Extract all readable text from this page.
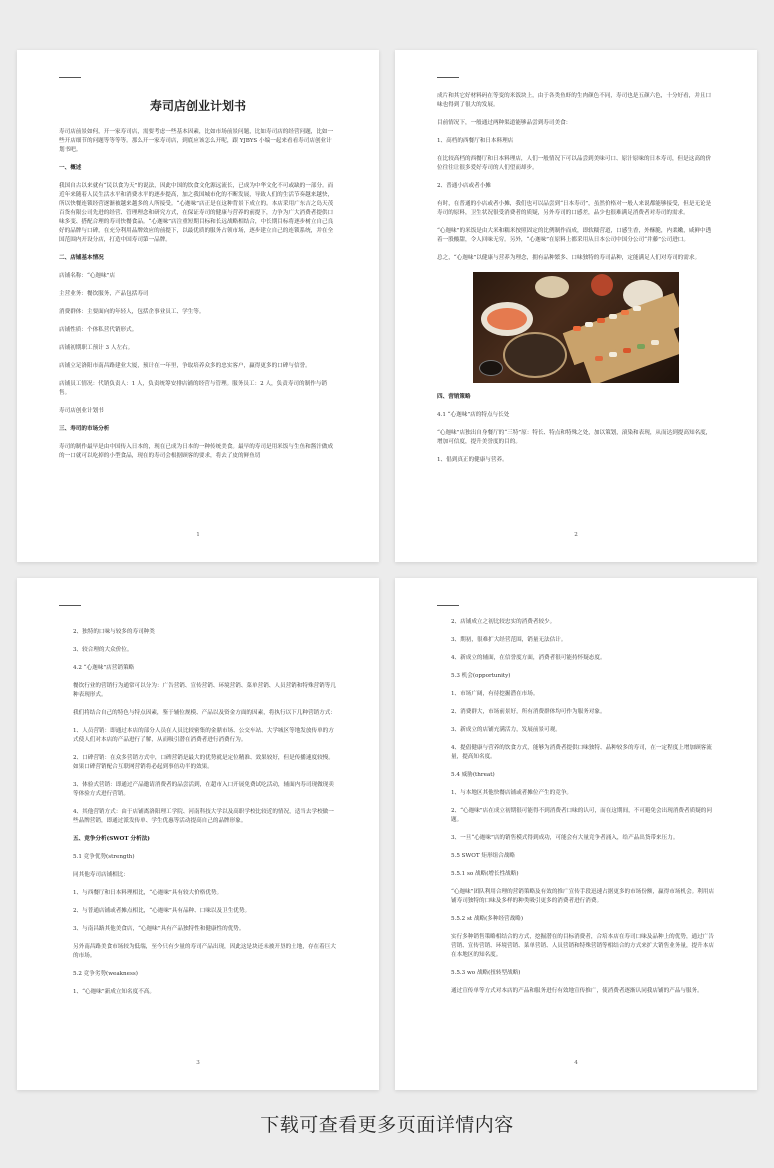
寿司店创业计划书

寿司店前景如何，开一家寿司店，需要考虑一些基本因素，比如市场前景问题，比如寿司店的经营问题，比如一些开店细节的问题等等等等。那么开一家寿司店，到底应该怎么开呢，跟 YJBYS 小编一起来看看寿司店创业计划书吧。

一、概述

我国自古以来就有“民以食为天”的说法，因此中国的饮食文化源远流长，已成为中华文化不可或缺的一部分。而近年来随着人民生活水平和消费水平的逐步提高，加之我国城市化的不断发展，导致人们的生活节奏越来越快，所以快餐连锁经营逐渐被越来越多的人所接受。“心迦味”店正是在这种背景下成立的。本店采用广东吉之岛天茂百货有限公司先进的经营、管理理念和研究方式，在保证寿司的健康与营养的前提下，力争为广大消费者提供口味多变、搭配合理的寿司快餐食品。“心迦味”店注重短期目标和长远战略相结合，中长期目标将逐步树立自己良好的品牌与口碑，在充分利用品牌效应的前提下，以最优质的服务占领市场，逐步建立自己的连锁系统，并在全国范围内开设分店，打造中国寿司第一品牌。

二、店铺基本情况

店铺名称：“心迦味”店

主营业务：餐饮服务，产品包括寿司

消费群体：主要面向的年轻人，包括企事业员工、学生等。

店铺性质：个体私营代销形式。

店铺初期职工预计 3 人左右。

店铺立足洛阳市南昌路建业大厦，预计在一年里，争取培养众多的忠实客户，赢得更多的口碑与信誉。

店铺员工情况：代销负责人：1 人，负责统筹安排店铺的经营与管理。服务员工：2 人，负责寿司的制作与销售。

寿司店创业计划书

三、寿司的市场分析

寿司的制作最早是由中国传入日本的，现在已成为日本的一种传统美食。最早的寿司是用米饭与生鱼和酱汁做成的一口就可以吃掉的小型食品，现在的寿司会根据顾客的要求，将去了皮的鲜鱼切

1

成片和其它好材料码在等变的米饭块上，由于各类鱼虾的生肉颜色不同，寿司也是五颜六色，十分好看，并且口味也得到了很大的发展。

目前情况下，一般通过两种渠道能够品尝到寿司美食：

1、高档的西餐厅和日本料理店

在比较高档的西餐厅和日本料理店，人们一般情况下可以品尝到美味可口、原汁原味的日本寿司，但是这高的价位往往让很多爱好寿司的人们望而却步。

2、普通小店或者小摊

有时，在普通的小店或者小摊，我们也可以品尝到“日本寿司”，虽然价格对一般人来说都能够接受，但是无论是寿司的原料，卫生状况很受消费者的质疑，另外寿司的口感差，品少也很难满足消费者对寿司的需求。

“心迦味”的米饭是由大米和糯米按照固定的比例制作而成，即软糯营道，口感生香，外酥脆，内柔嫩，咸鲜中透着一股酸甜，令人回味无穷。另外，“心迦味”在原料上都采用从日本公司中国分公司“井藤”公司进口。

总之，“心迦味”以健康与营养为理念，拥有品种繁多、口味独特的寿司品种，定能满足人们对寿司的需求。

四、营销策略

4.1 “心迦味”店的特点与长处

“心迦味”店独出自身餐厅的“三特”原：特长、特点和特殊之处，加以策划，滚染和表现，从而达到提高知名度，增加可信度，提升美誉度的目的。

1、倡到真正的健康与营养。

2

2、独特的口味与较多的寿司种类

3、较合理的大众价位。

4.2 “心迦味”店营销策略

餐饮行业的营销行为通常可以分为：广告营销、宣传营销、环境营销、菜单营销、人员营销和特殊营销等几种表现形式。

我们将结合自己的特色与特点因素，鉴于辅位规模、产品以及资金方面的因素，将执行以下几种营销方式：

1、人员营销：即通过本店的部分人员在人员比较密集的金鼎市场、公交车站、大学城区等地发放传单的方式使人们对本店的产品进行了解，从而吸引潜在消费者进行消费行为。

2、口碑营销：在众多营销方式中，口碑营销是最大的优势就是定位精准、效果较好，但是传播速度较慢。如果口碑营销配合互联网营销将必起到事倍功半的效果。

3、体验式营销：即通过产品邀请消费者的品尝活到，在超市入口开展免费试吃活动，辅面内寿司现做现卖等体验方式进行营销。

4、其他营销方式：由于店铺离洛阳理工学院、河南科技大学以及高职学校比较近的情况，适当去学校做一些品牌营销，即通过派发传单、学生优惠等活动提高自己的品牌形象。

五、竞争分析(SWOT 分析法)

5.1 竞争优势(strength)

同其他寿司店铺相比：

1、与西餐厅和日本料理相比，“心迦味”具有较大价格优势。

2、与普通店铺或者摊点相比，“心迦味”具有品种、口味以及卫生优势。

3、与南昌路其他美食店，“心迦味”具有产品独特性和健康性的优势。

另外南昌路美食市场较为低端，至今只有少量的寿司产品出现，因此这是块还未被开垦的土地，存在着巨大的市场。

5.2 竞争劣势(weakness)

1、“心迦味”新成立知名度不高。

3

2、店铺成立之初比较忠实的消费者较少。

3、期初，很难扩大经营范围，销量无法估计。

4、新成立的辅面，在信誉度方面，消费者很可能持怀疑态度。

5.3 机会(opportunity)

1、市场广阔，有待挖掘潜在市场。

2、消费群大，市场前景好，所有消费群体均可作为服务对象。

3、新成立的店铺充满活力，发展前景可观。

4、提倡健康与营养的饮食方式，能够为消费者提供口味独特、品种较多的寿司，在一定程度上增加顾客流量，提高知名度。

5.4 威胁(threat)

1、与本地区其他快餐店铺或者摊位产生的竞争。

2、“心迦味”店在成立初期很可能得不到消费者口味的认可，而在这期间，不可避免会出现消费者质疑的问题。

3、一旦“心迦味”店的销售模式得到成功，可能会有大量竞争者涌入，给产品出货带来压力。

5.5 SWOT 矩形组合战略

5.5.1 so 战略(增长性战略)

“心迦味”团队利用合理的营销策略及有效的推广宣传手段迅速占据更多的市场份额，赢得市场机会。利用店铺寿司独特的口味及多样的种类吸引更多的消费者进行消费。

5.5.2 st 战略(多种经营战略)

实行多种销售策略相结合的方式，挖掘潜在的目标消费者，合培本店在寿司口味及品种上的优势，通过广告营销、宣传营销、环境营销、菜单营销、人员营销和特殊营销等相结合的方式来扩大销售业务量，提升本店在本地区的知名度。

5.5.3 wo 战略(扭转型战略)

通过宣传单等方式对本店的产品和服务进行有效地宣传推广，使消费者逐渐认同我店铺的产品与服务。

4
下载可查看更多页面详情内容
